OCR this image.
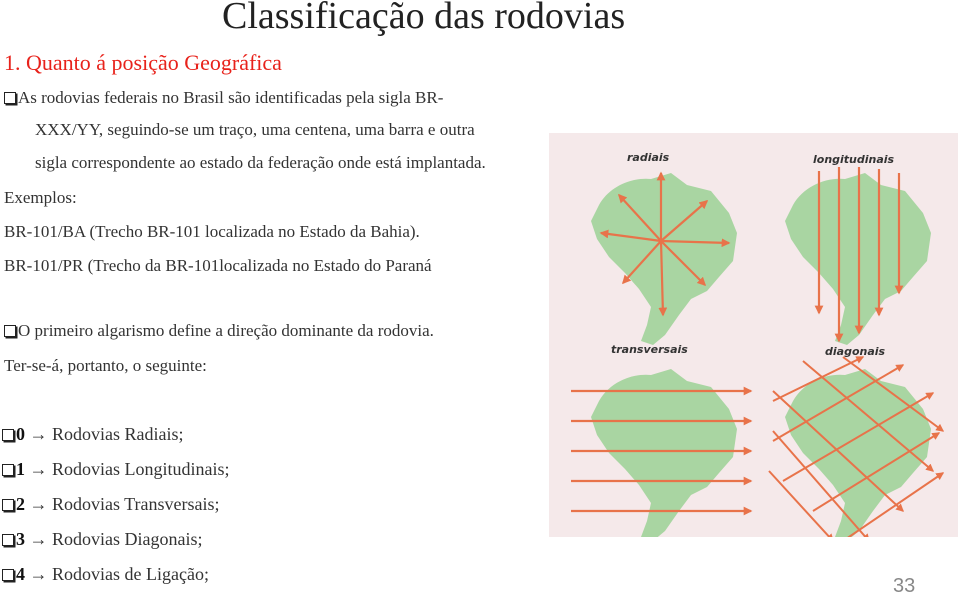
Classificação das rodovias
1. Quanto á posição Geográfica
As rodovias federais no Brasil são identificadas pela sigla BR-
XXX/YY, seguindo-se um traço, uma centena, uma barra e outra
sigla correspondente ao estado da federação onde está implantada.
Exemplos:
BR-101/BA (Trecho BR-101 localizada no Estado da Bahia).
BR-101/PR (Trecho da BR-101localizada no Estado do Paraná
O primeiro algarismo define a direção dominante da rodovia.
Ter-se-á, portanto, o seguinte:
0 → Rodovias Radiais;
1 → Rodovias Longitudinais;
2 → Rodovias Transversais;
3 → Rodovias Diagonais;
4 → Rodovias de Ligação;
radiais	longitudinais
transversais	diagonais
33
